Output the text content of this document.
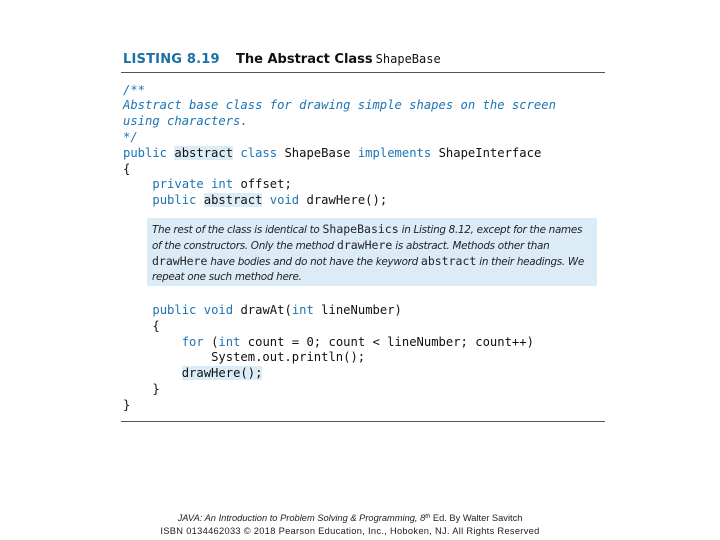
LISTING 8.19 The Abstract Class ShapeBase
/**
Abstract base class for drawing simple shapes on the screen
using characters.
*/
public abstract class ShapeBase implements ShapeInterface
{
private int offset;
public abstract void drawHere();
public void drawAt(int lineNumber)
{
for (int count = 0; count < lineNumber; count++)
System.out.println();
drawHere();
}
}
The rest of the class is identical to ShapeBasics in Listing 8.12, except for the names
of the constructors. Only the method drawHere is abstract. Methods other than
drawHere have bodies and do not have the keyword abstract in their headings. We
repeat one such method here.
JAVA: An Introduction to Problem Solving & Programming, 8th Ed. By Walter Savitch
ISBN 0134462033 © 2018 Pearson Education, Inc., Hoboken, NJ. All Rights Reserved
